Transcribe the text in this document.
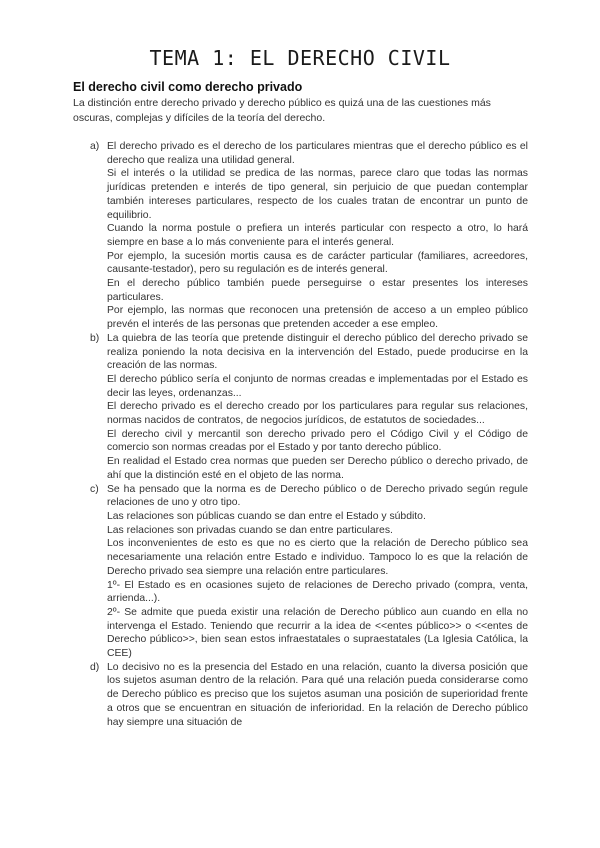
TEMA 1: EL DERECHO CIVIL
El derecho civil como derecho privado
La distinción entre derecho privado y derecho público es quizá una de las cuestiones más oscuras, complejas y difíciles de la teoría del derecho.
a) El derecho privado es el derecho de los particulares mientras que el derecho público es el derecho que realiza una utilidad general.

Si el interés o la utilidad se predica de las normas, parece claro que todas las normas jurídicas pretenden e interés de tipo general, sin perjuicio de que puedan contemplar también intereses particulares, respecto de los cuales tratan de encontrar un punto de equilibrio.

Cuando la norma postule o prefiera un interés particular con respecto a otro, lo hará siempre en base a lo más conveniente para el interés general.

Por ejemplo, la sucesión mortis causa es de carácter particular (familiares, acreedores, causante-testador), pero su regulación es de interés general.

En el derecho público también puede perseguirse o estar presentes los intereses particulares.

Por ejemplo, las normas que reconocen una pretensión de acceso a un empleo público prevén el interés de las personas que pretenden acceder a ese empleo.

b) La quiebra de las teoría que pretende distinguir el derecho público del derecho privado se realiza poniendo la nota decisiva en la intervención del Estado, puede producirse en la creación de las normas.

El derecho público sería el conjunto de normas creadas e implementadas por el Estado es decir las leyes, ordenanzas...

El derecho privado es el derecho creado por los particulares para regular sus relaciones, normas nacidos de contratos, de negocios jurídicos, de estatutos de sociedades...

El derecho civil y mercantil son derecho privado pero el Código Civil y el Código de comercio son normas creadas por el Estado y por tanto derecho público.

En realidad el Estado crea normas que pueden ser Derecho público o derecho privado, de ahí que la distinción esté en el objeto de las norma.

c) Se ha pensado que la norma es de Derecho público o de Derecho privado según regule relaciones de uno y otro tipo.

Las relaciones son públicas cuando se dan entre el Estado y súbdito.

Las relaciones son privadas cuando se dan entre particulares.

Los inconvenientes de esto es que no es cierto que la relación de Derecho público sea necesariamente una relación entre Estado e individuo. Tampoco lo es que la relación de Derecho privado sea siempre una relación entre particulares.

1º- El Estado es en ocasiones sujeto de relaciones de Derecho privado (compra, venta, arrienda...).

2º- Se admite que pueda existir una relación de Derecho público aun cuando en ella no intervenga el Estado. Teniendo que recurrir a la idea de <<entes público>> o <<entes de Derecho público>>, bien sean estos infraestatales o supraestatales (La Iglesia Católica, la CEE)

d) Lo decisivo no es la presencia del Estado en una relación, cuanto la diversa posición que los sujetos asuman dentro de la relación. Para qué una relación pueda considerarse como de Derecho público es preciso que los sujetos asuman una posición de superioridad frente a otros que se encuentran en situación de inferioridad. En la relación de Derecho público hay siempre una situación de
